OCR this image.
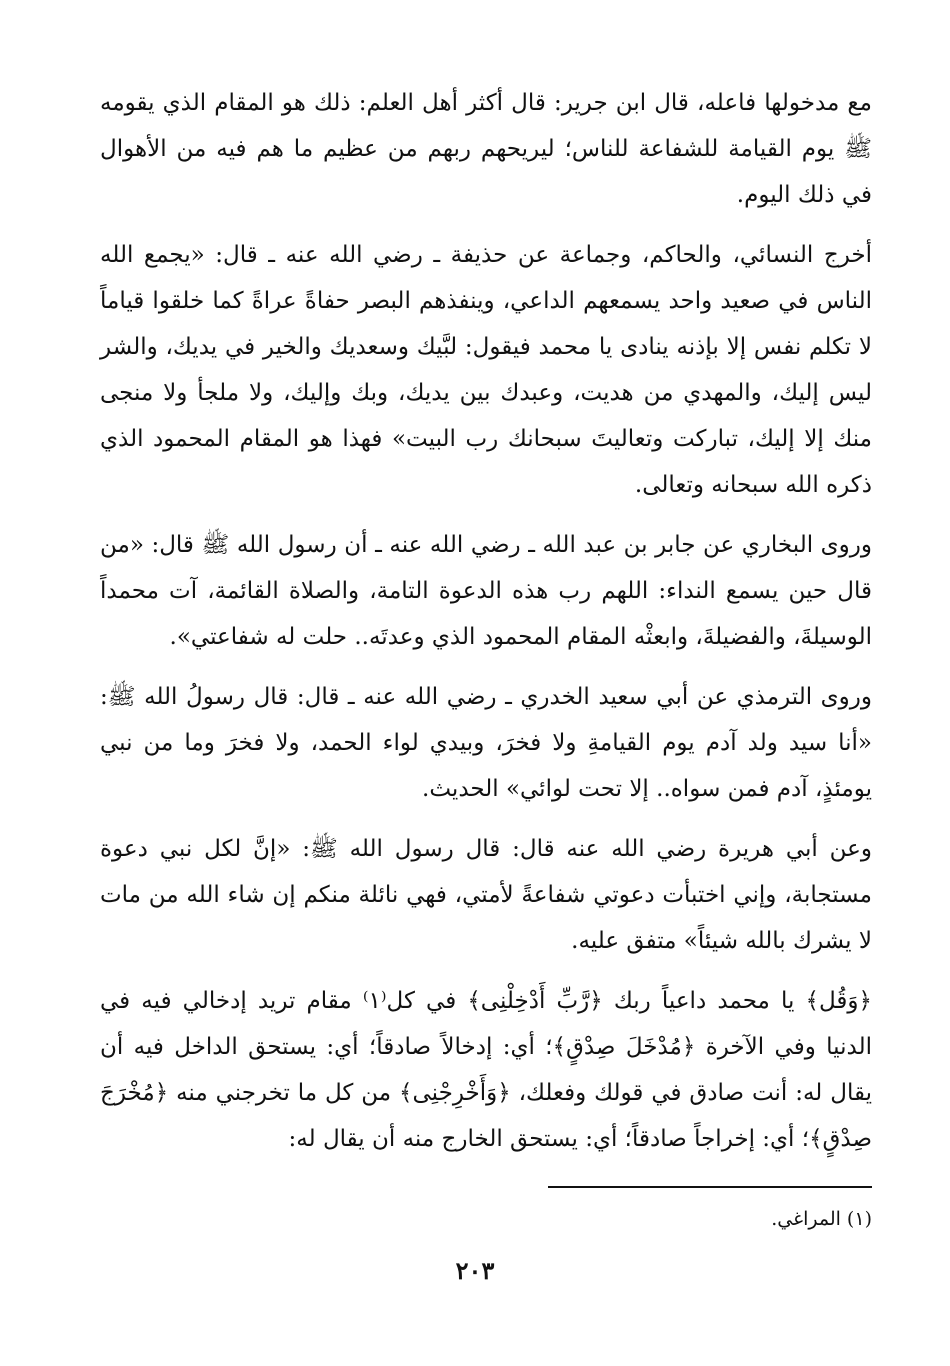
مع مدخولها فاعله، قال ابن جرير: قال أكثر أهل العلم: ذلك هو المقام الذي يقومه ﷺ يوم القيامة للشفاعة للناس؛ ليريحهم ربهم من عظيم ما هم فيه من الأهوال في ذلك اليوم.

أخرج النسائي، والحاكم، وجماعة عن حذيفة ـ رضي الله عنه ـ قال: «يجمع الله الناس في صعيد واحد يسمعهم الداعي، وينفذهم البصر حفاةً عراةً كما خلقوا قياماً لا تكلم نفس إلا بإذنه ينادى يا محمد فيقول: لبَّيك وسعديك والخير في يديك، والشر ليس إليك، والمهدي من هديت، وعبدك بين يديك، وبك وإليك، ولا ملجأ ولا منجى منك إلا إليك، تباركت وتعاليتَ سبحانك رب البيت» فهذا هو المقام المحمود الذي ذكره الله سبحانه وتعالى.

وروى البخاري عن جابر بن عبد الله ـ رضي الله عنه ـ أن رسول الله ﷺ قال: «من قال حين يسمع النداء: اللهم رب هذه الدعوة التامة، والصلاة القائمة، آت محمداً الوسيلةَ، والفضيلةَ، وابعثْه المقام المحمود الذي وعدتَه.. حلت له شفاعتي».

وروى الترمذي عن أبي سعيد الخدري ـ رضي الله عنه ـ قال: قال رسولُ الله ﷺ: «أنا سيد ولد آدم يوم القيامةِ ولا فخرَ، وبيدي لواء الحمد، ولا فخرَ وما من نبي يومئذٍ، آدم فمن سواه.. إلا تحت لوائي» الحديث.

وعن أبي هريرة رضي الله عنه قال: قال رسول الله ﷺ: «إنَّ لكل نبي دعوة مستجابة، وإني اختبأت دعوتي شفاعةً لأمتي، فهي نائلة منكم إن شاء الله من مات لا يشرك بالله شيئاً» متفق عليه.

﴿وَقُل﴾ يا محمد داعياً ربك ﴿رَّبِّ أَدْخِلْنِى﴾ في كل⁽١⁾ مقام تريد إدخالي فيه في الدنيا وفي الآخرة ﴿مُدْخَلَ صِدْقٍ﴾؛ أي: إدخالاً صادقاً؛ أي: يستحق الداخل فيه أن يقال له: أنت صادق في قولك وفعلك، ﴿وَأَخْرِجْنِى﴾ من كل ما تخرجني منه ﴿مُخْرَجَ صِدْقٍ﴾؛ أي: إخراجاً صادقاً؛ أي: يستحق الخارج منه أن يقال له:

(١) المراغي.
٢٠٣
